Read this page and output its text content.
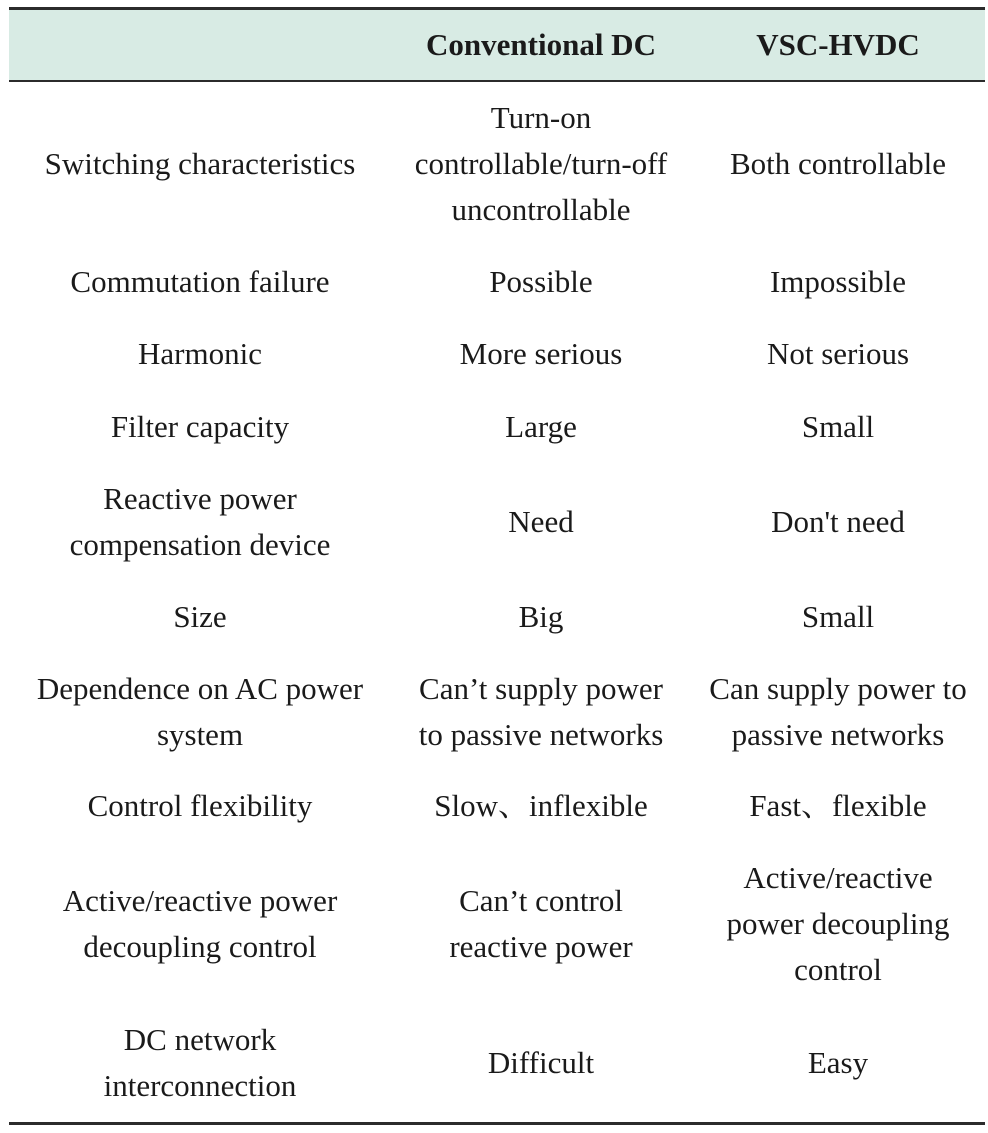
	Conventional DC	VSC-HVDC
Switching characteristics	Turn-on controllable/turn-off uncontrollable	Both controllable
Commutation failure	Possible	Impossible
Harmonic	More serious	Not serious
Filter capacity	Large	Small
Reactive power compensation device	Need	Don't need
Size	Big	Small
Dependence on AC power system	Can’t supply power to passive networks	Can supply power to passive networks
Control flexibility	Slow、inflexible	Fast、flexible
Active/reactive power decoupling control	Can’t control reactive power	Active/reactive power decoupling control
DC network interconnection	Difficult	Easy
